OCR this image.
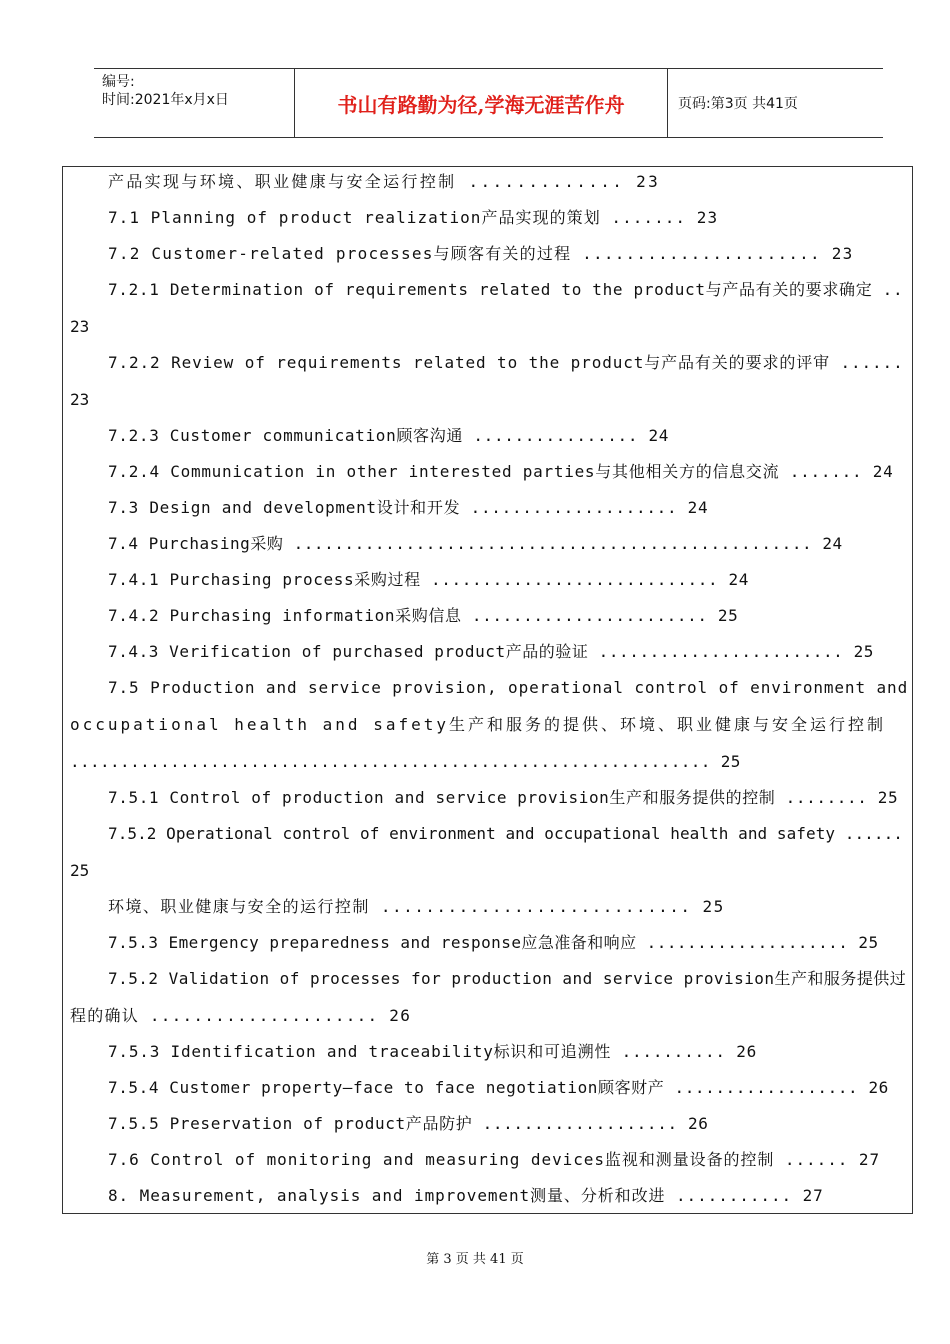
编号:
时间:2021年x月x日	书山有路勤为径,学海无涯苦作舟	页码:第3页 共41页
产品实现与环境、职业健康与安全运行控制 ............. 23
7.1 Planning of product realization产品实现的策划 ....... 23
7.2 Customer-related processes与顾客有关的过程 ...................... 23
7.2.1 Determination of requirements related to the product与产品有关的要求确定 ..
23
7.2.2 Review of requirements related to the product与产品有关的要求的评审 ......
23
7.2.3 Customer communication顾客沟通 ................ 24
7.2.4 Communication in other interested parties与其他相关方的信息交流 ....... 24
7.3 Design and development设计和开发 .................... 24
7.4 Purchasing采购 ................................................... 24
7.4.1 Purchasing process采购过程 ............................ 24
7.4.2 Purchasing information采购信息 ....................... 25
7.4.3 Verification of purchased product产品的验证 ........................ 25
7.5 Production and service provision, operational control of environment and
occupational health and safety生产和服务的提供、环境、职业健康与安全运行控制
................................................................ 25
7.5.1 Control of production and service provision生产和服务提供的控制 ........ 25
7.5.2 Operational control of environment and occupational health and safety ......
25
环境、职业健康与安全的运行控制 ............................ 25
7.5.3 Emergency preparedness and response应急准备和响应 .................... 25
7.5.2 Validation of processes for production and service provision生产和服务提供过
程的确认 ..................... 26
7.5.3 Identification and traceability标识和可追溯性 .......... 26
7.5.4 Customer property—face to face negotiation顾客财产 .................. 26
7.5.5 Preservation of product产品防护 ................... 26
7.6 Control of monitoring and measuring devices监视和测量设备的控制 ...... 27
8. Measurement, analysis and improvement测量、分析和改进 ........... 27
第 3 页 共 41 页
